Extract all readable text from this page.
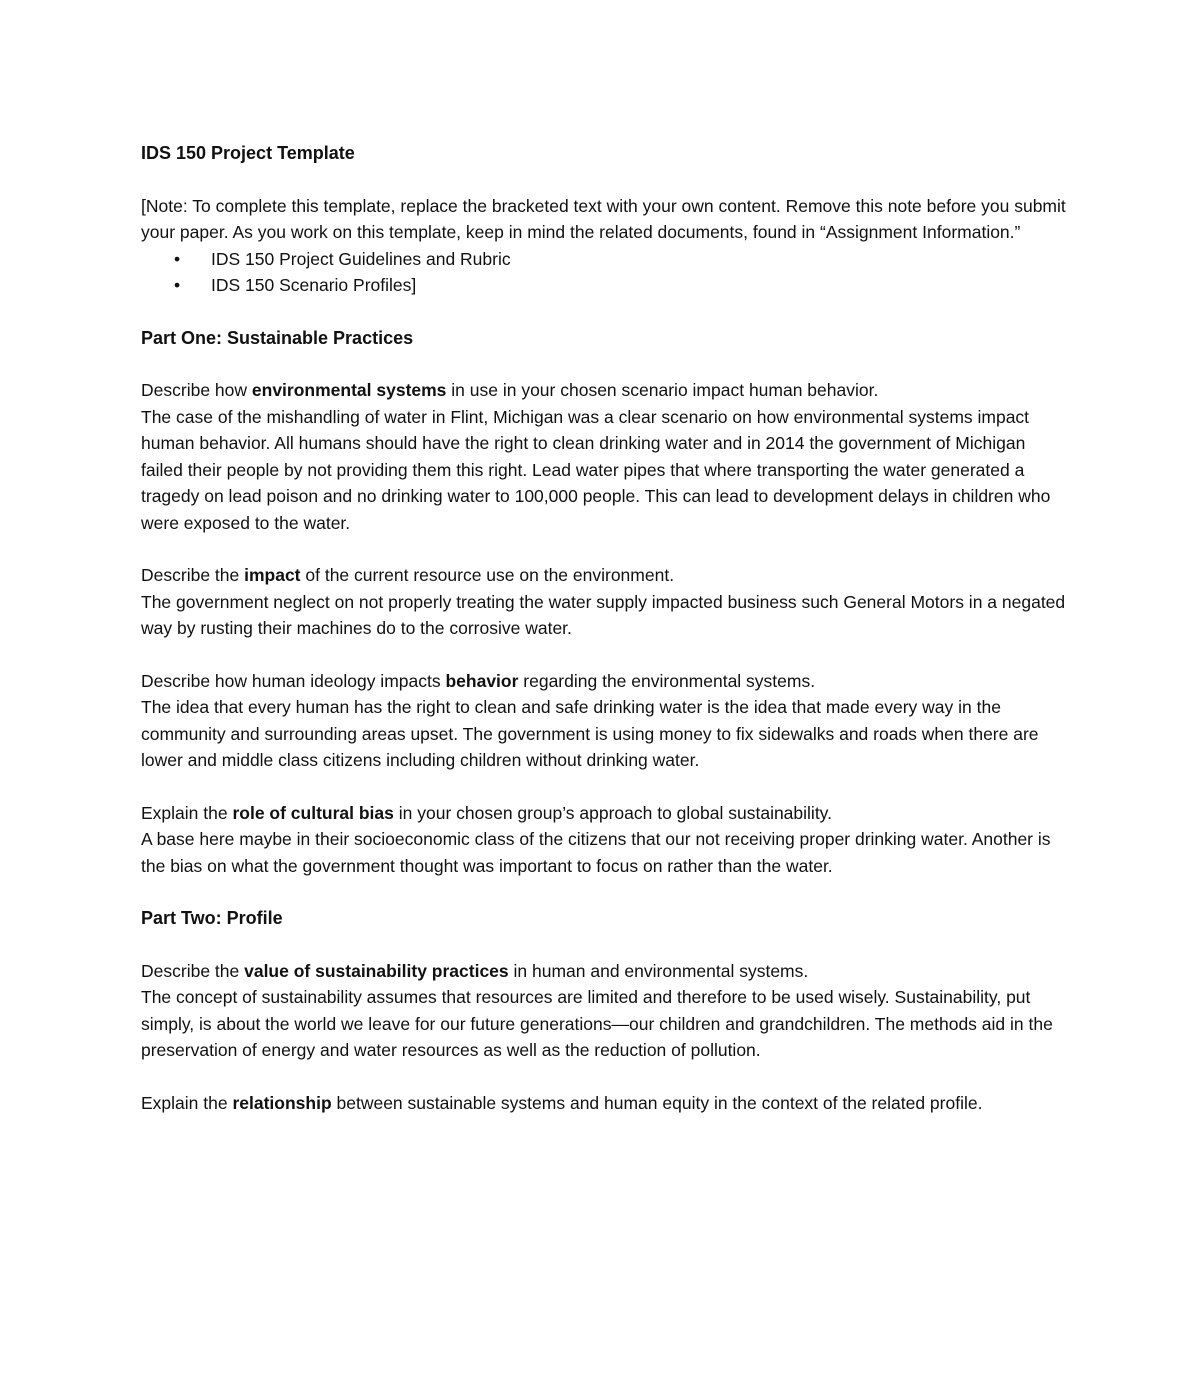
IDS 150 Project Template

[Note: To complete this template, replace the bracketed text with your own content. Remove this note before you submit your paper. As you work on this template, keep in mind the related documents, found in “Assignment Information.”

• IDS 150 Project Guidelines and Rubric
• IDS 150 Scenario Profiles]
Part One: Sustainable Practices

Describe how environmental systems in use in your chosen scenario impact human behavior.

The case of the mishandling of water in Flint, Michigan was a clear scenario on how environmental systems impact human behavior. All humans should have the right to clean drinking water and in 2014 the government of Michigan failed their people by not providing them this right. Lead water pipes that where transporting the water generated a tragedy on lead poison and no drinking water to 100,000 people. This can lead to development delays in children who were exposed to the water.

Describe the impact of the current resource use on the environment.

The government neglect on not properly treating the water supply impacted business such General Motors in a negated way by rusting their machines do to the corrosive water.

Describe how human ideology impacts behavior regarding the environmental systems.

The idea that every human has the right to clean and safe drinking water is the idea that made every way in the community and surrounding areas upset. The government is using money to fix sidewalks and roads when there are lower and middle class citizens including children without drinking water.

Explain the role of cultural bias in your chosen group’s approach to global sustainability.

A base here maybe in their socioeconomic class of the citizens that our not receiving proper drinking water. Another is the bias on what the government thought was important to focus on rather than the water.

Part Two: Profile

Describe the value of sustainability practices in human and environmental systems.

The concept of sustainability assumes that resources are limited and therefore to be used wisely. Sustainability, put simply, is about the world we leave for our future generations—our children and grandchildren. The methods aid in the preservation of energy and water resources as well as the reduction of pollution.

Explain the relationship between sustainable systems and human equity in the context of the related profile.
